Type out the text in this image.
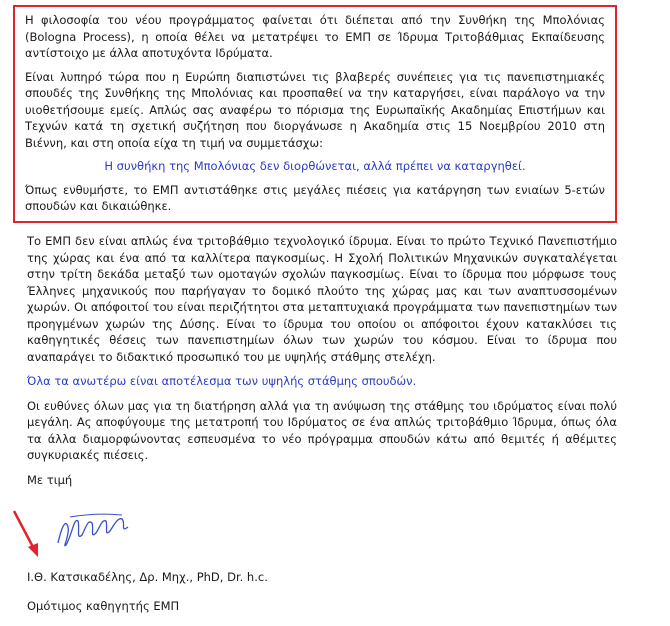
Η φιλοσοφία του νέου προγράμματος φαίνεται ότι διέπεται από την Συνθήκη της Μπολόνιας (Bologna Process), η οποία θέλει να μετατρέψει το ΕΜΠ σε Ίδρυμα Τριτοβάθμιας Εκπαίδευσης αντίστοιχο με άλλα αποτυχόντα Ιδρύματα.

Είναι λυπηρό τώρα που η Ευρώπη διαπιστώνει τις βλαβερές συνέπειες για τις πανεπιστημιακές σπουδές της Συνθήκης της Μπολόνιας και προσπαθεί να την καταργήσει, είναι παράλογο να την υιοθετήσουμε εμείς. Απλώς σας αναφέρω το πόρισμα της Ευρωπαϊκής Ακαδημίας Επιστήμων και Τεχνών κατά τη σχετική συζήτηση που διοργάνωσε η Ακαδημία στις 15 Νοεμβρίου 2010 στη Βιέννη, και στη οποία είχα τη τιμή να συμμετάσχω:

Η συνθήκη της Μπολόνιας δεν διορθώνεται, αλλά πρέπει να καταργηθεί.

Όπως ενθυμήστε, το ΕΜΠ αντιστάθηκε στις μεγάλες πιέσεις για κατάργηση των ενιαίων 5-ετών σπουδών και δικαιώθηκε.

Το ΕΜΠ δεν είναι απλώς ένα τριτοβάθμιο τεχνολογικό ίδρυμα. Είναι το πρώτο Τεχνικό Πανεπιστήμιο της χώρας και ένα από τα καλλίτερα παγκοσμίως. Η Σχολή Πολιτικών Μηχανικών συγκαταλέγεται στην τρίτη δεκάδα μεταξύ των ομοταγών σχολών παγκοσμίως. Είναι το ίδρυμα που μόρφωσε τους Έλληνες μηχανικούς που παρήγαγαν το δομικό πλούτο της χώρας μας και των αναπτυσσομένων χωρών. Οι απόφοιτοί του είναι περιζήτητοι στα μεταπτυχιακά προγράμματα των πανεπιστημίων των προηγμένων χωρών της Δύσης. Είναι το ίδρυμα του οποίου οι απόφοιτοι έχουν κατακλύσει τις καθηγητικές θέσεις των πανεπιστημίων όλων των χωρών του κόσμου. Είναι το ίδρυμα που αναπαράγει το διδακτικό προσωπικό του με υψηλής στάθμης στελέχη.

Όλα τα ανωτέρω είναι αποτέλεσμα των υψηλής στάθμης σπουδών.

Οι ευθύνες όλων μας για τη διατήρηση αλλά για τη ανύψωση της στάθμης του ιδρύματος είναι πολύ μεγάλη. Ας αποφύγουμε της μετατροπή του Ιδρύματος σε ένα απλώς τριτοβάθμιο Ίδρυμα, όπως όλα τα άλλα διαμορφώνοντας εσπευσμένα το νέο πρόγραμμα σπουδών κάτω από θεμιτές ή αθέμιτες συγκυριακές πιέσεις.

Με τιμή

Ι.Θ. Κατσικαδέλης, Δρ. Μηχ., PhD, Dr. h.c.
Ομότιμος καθηγητής ΕΜΠ
